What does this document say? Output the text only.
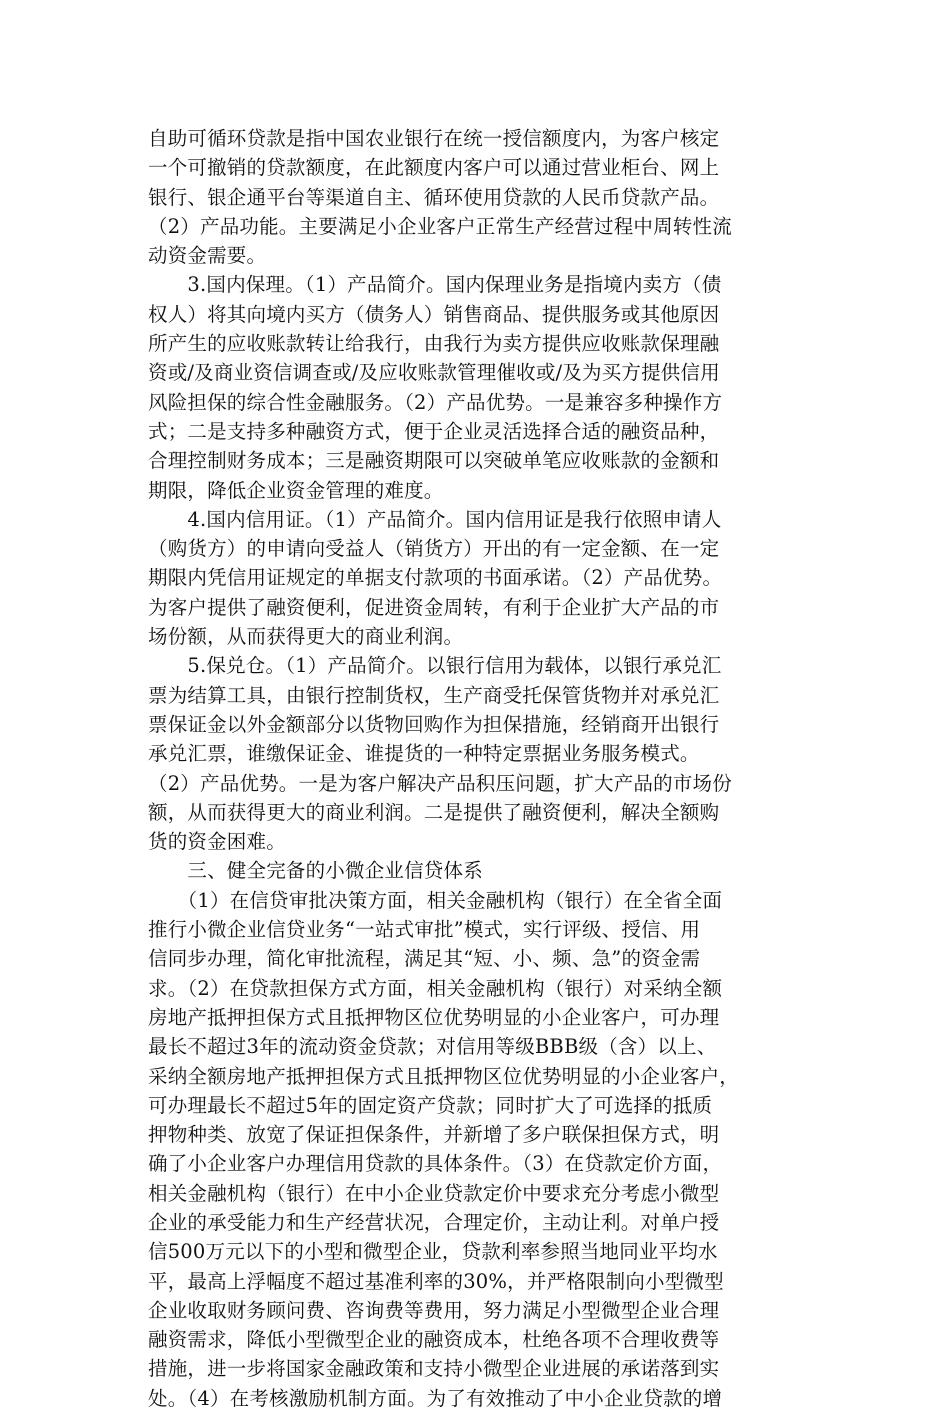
自助可循环贷款是指中国农业银行在统一授信额度内，为客户核定
一个可撤销的贷款额度，在此额度内客户可以通过营业柜台、网上
银行、银企通平台等渠道自主、循环使用贷款的人民币贷款产品。
（2）产品功能。主要满足小企业客户正常生产经营过程中周转性流
动资金需要。
　　3.国内保理。（1）产品简介。国内保理业务是指境内卖方（债
权人）将其向境内买方（债务人）销售商品、提供服务或其他原因
所产生的应收账款转让给我行，由我行为卖方提供应收账款保理融
资或/及商业资信调查或/及应收账款管理催收或/及为买方提供信用
风险担保的综合性金融服务。（2）产品优势。一是兼容多种操作方
式；二是支持多种融资方式，便于企业灵活选择合适的融资品种，
合理控制财务成本；三是融资期限可以突破单笔应收账款的金额和
期限，降低企业资金管理的难度。
　　4.国内信用证。（1）产品简介。国内信用证是我行依照申请人
（购货方）的申请向受益人（销货方）开出的有一定金额、在一定
期限内凭信用证规定的单据支付款项的书面承诺。（2）产品优势。
为客户提供了融资便利，促进资金周转，有利于企业扩大产品的市
场份额，从而获得更大的商业利润。
　　5.保兑仓。（1）产品简介。以银行信用为载体，以银行承兑汇
票为结算工具，由银行控制货权，生产商受托保管货物并对承兑汇
票保证金以外金额部分以货物回购作为担保措施，经销商开出银行
承兑汇票，谁缴保证金、谁提货的一种特定票据业务服务模式。
（2）产品优势。一是为客户解决产品积压问题，扩大产品的市场份
额，从而获得更大的商业利润。二是提供了融资便利，解决全额购
货的资金困难。
　　三、健全完备的小微企业信贷体系
　　（1）在信贷审批决策方面，相关金融机构（银行）在全省全面
推行小微企业信贷业务“一站式审批”模式，实行评级、授信、用
信同步办理，简化审批流程，满足其“短、小、频、急”的资金需
求。（2）在贷款担保方式方面，相关金融机构（银行）对采纳全额
房地产抵押担保方式且抵押物区位优势明显的小企业客户，可办理
最长不超过3年的流动资金贷款；对信用等级BBB级（含）以上、
采纳全额房地产抵押担保方式且抵押物区位优势明显的小企业客户，
可办理最长不超过5年的固定资产贷款；同时扩大了可选择的抵质
押物种类、放宽了保证担保条件，并新增了多户联保担保方式，明
确了小企业客户办理信用贷款的具体条件。（3）在贷款定价方面，
相关金融机构（银行）在中小企业贷款定价中要求充分考虑小微型
企业的承受能力和生产经营状况，合理定价，主动让利。对单户授
信500万元以下的小型和微型企业，贷款利率参照当地同业平均水
平，最高上浮幅度不超过基准利率的30%，并严格限制向小型微型
企业收取财务顾问费、咨询费等费用，努力满足小型微型企业合理
融资需求，降低小型微型企业的融资成本，杜绝各项不合理收费等
措施，进一步将国家金融政策和支持小微型企业进展的承诺落到实
处。（4）在考核激励机制方面。为了有效推动了中小企业贷款的增
